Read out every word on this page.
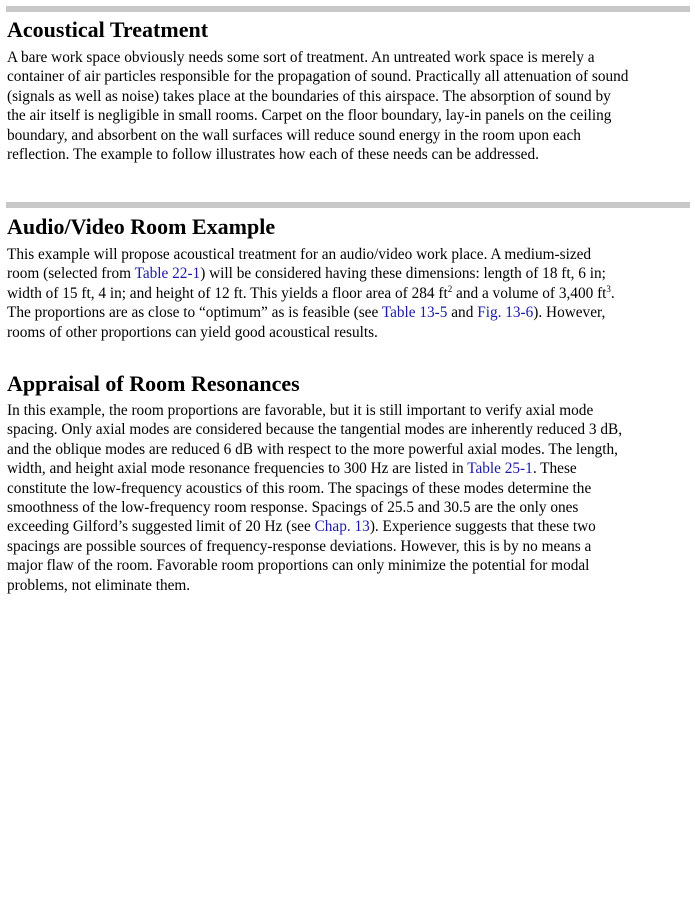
Acoustical Treatment
A bare work space obviously needs some sort of treatment. An untreated work space is merely a
container of air particles responsible for the propagation of sound. Practically all attenuation of sound
(signals as well as noise) takes place at the boundaries of this airspace. The absorption of sound by
the air itself is negligible in small rooms. Carpet on the floor boundary, lay-in panels on the ceiling
boundary, and absorbent on the wall surfaces will reduce sound energy in the room upon each
reflection. The example to follow illustrates how each of these needs can be addressed.
Audio/Video Room Example
This example will propose acoustical treatment for an audio/video work place. A medium-sized
room (selected from Table 22-1) will be considered having these dimensions: length of 18 ft, 6 in;
width of 15 ft, 4 in; and height of 12 ft. This yields a floor area of 284 $ft^2$ and a volume of 3,400 $ft^3$.
The proportions are as close to “optimum” as is feasible (see Table 13-5 and Fig. 13-6). However,
rooms of other proportions can yield good acoustical results.
Appraisal of Room Resonances
In this example, the room proportions are favorable, but it is still important to verify axial mode
spacing. Only axial modes are considered because the tangential modes are inherently reduced 3 dB,
and the oblique modes are reduced 6 dB with respect to the more powerful axial modes. The length,
width, and height axial mode resonance frequencies to 300 Hz are listed in Table 25-1. These
constitute the low-frequency acoustics of this room. The spacings of these modes determine the
smoothness of the low-frequency room response. Spacings of 25.5 and 30.5 are the only ones
exceeding Gilford’s suggested limit of 20 Hz (see Chap. 13). Experience suggests that these two
spacings are possible sources of frequency-response deviations. However, this is by no means a
major flaw of the room. Favorable room proportions can only minimize the potential for modal
problems, not eliminate them.
